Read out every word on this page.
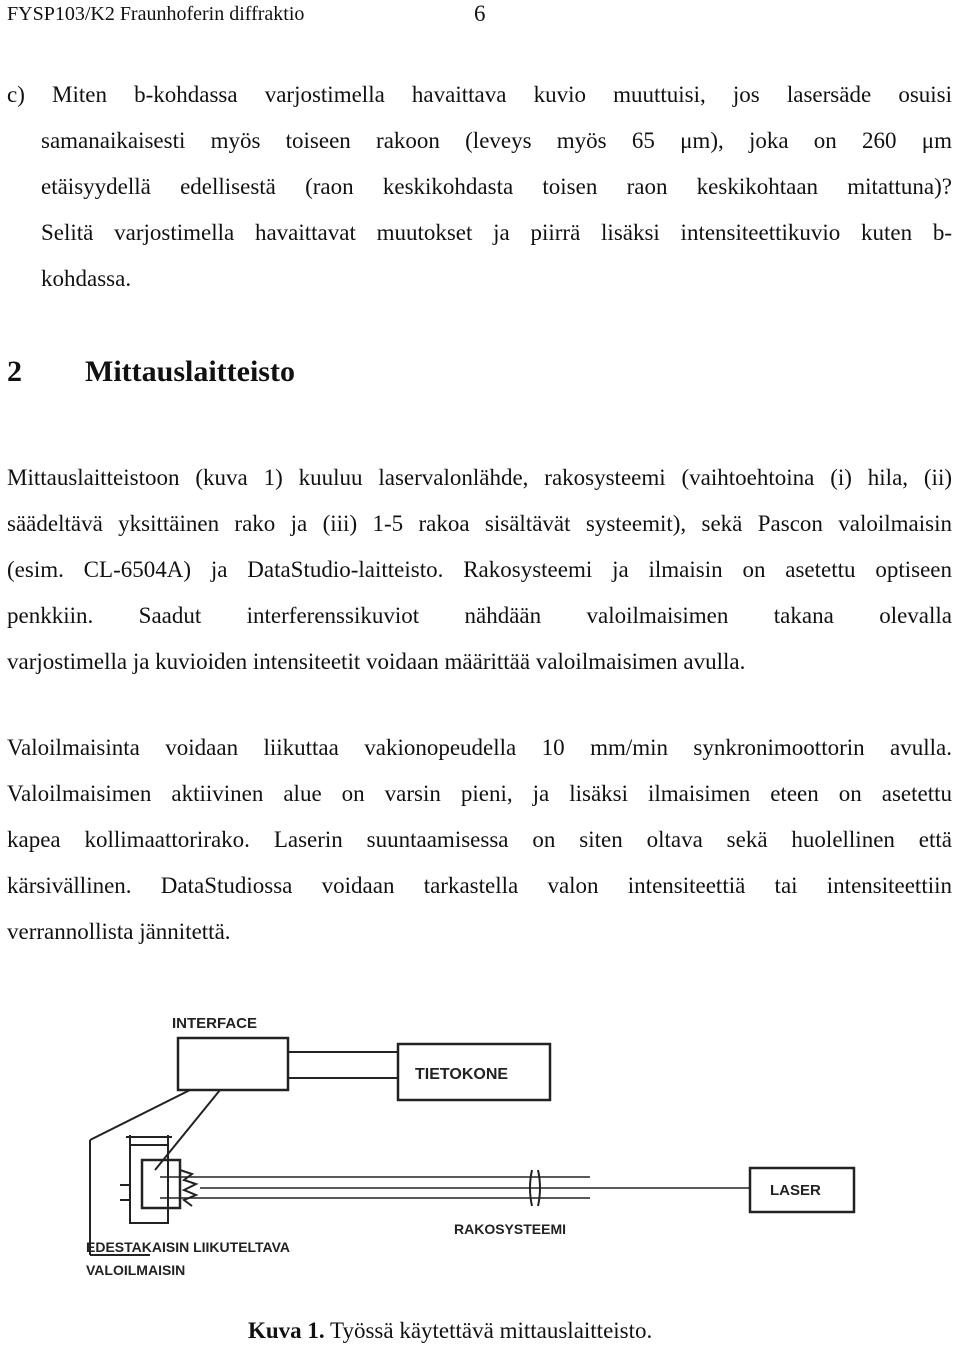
FYSP103/K2 Fraunhoferin diffraktio	6
c) Miten b-kohdassa varjostimella havaittava kuvio muuttuisi, jos lasersäde osuisi
samanaikaisesti myös toiseen rakoon (leveys myös 65 μm), joka on 260 μm
etäisyydellä edellisestä (raon keskikohdasta toisen raon keskikohtaan mitattuna)?
Selitä varjostimella havaittavat muutokset ja piirrä lisäksi intensiteettikuvio kuten b-
kohdassa.
2 Mittauslaitteisto
Mittauslaitteistoon (kuva 1) kuuluu laservalonlähde, rakosysteemi (vaihtoehtoina (i) hila, (ii)
säädeltävä yksittäinen rako ja (iii) 1-5 rakoa sisältävät systeemit), sekä Pascon valoilmaisin
(esim. CL-6504A) ja DataStudio-laitteisto. Rakosysteemi ja ilmaisin on asetettu optiseen
penkkiin. Saadut interferenssikuviot nähdään valoilmaisimen takana olevalla
varjostimella ja kuvioiden intensiteetit voidaan määrittää valoilmaisimen avulla.
Valoilmaisinta voidaan liikuttaa vakionopeudella 10 mm/min synkronimoottorin avulla.
Valoilmaisimen aktiivinen alue on varsin pieni, ja lisäksi ilmaisimen eteen on asetettu
kapea kollimaattorirako. Laserin suuntaamisessa on siten oltava sekä huolellinen että
kärsivällinen. DataStudiossa voidaan tarkastella valon intensiteettiä tai intensiteettiin
verrannollista jännitettä.
INTERFACE
TIETOKONE
RAKOSYSTEEMI
LASER
EDESTAKAISIN LIIKUTELTAVA
VALOILMAISIN
Kuva 1. Työssä käytettävä mittauslaitteisto.
